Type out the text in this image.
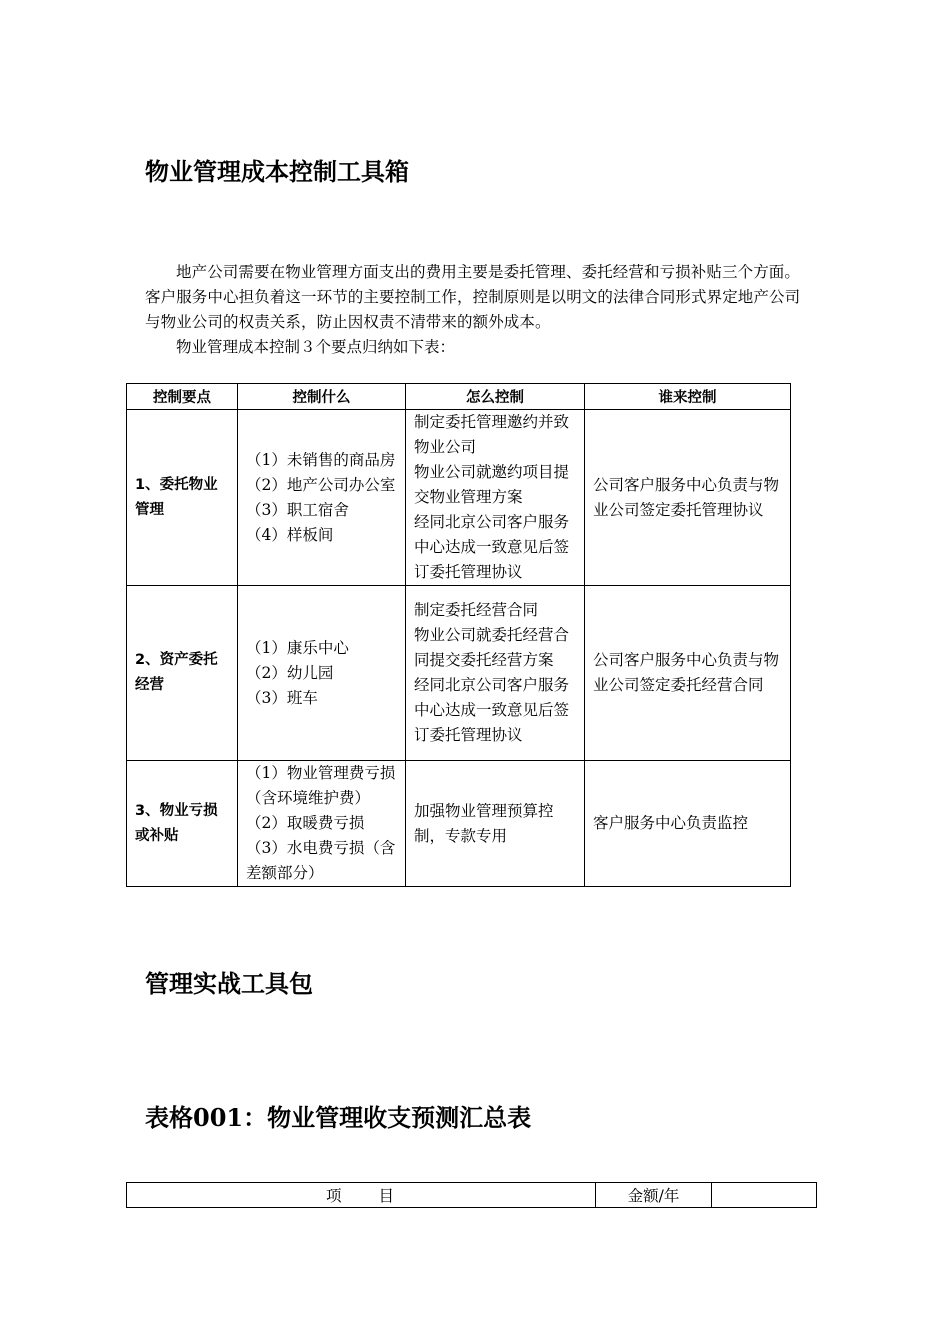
物业管理成本控制工具箱

地产公司需要在物业管理方面支出的费用主要是委托管理、委托经营和亏损补贴三个方面。客户服务中心担负着这一环节的主要控制工作，控制原则是以明文的法律合同形式界定地产公司与物业公司的权责关系，防止因权责不清带来的额外成本。

物业管理成本控制３个要点归纳如下表：

控制要点	控制什么	怎么控制	谁来控制
1、委托物业管理	（1）未销售的商品房
（2）地产公司办公室
（3）职工宿舍
（4）样板间	制定委托管理邀约并致物业公司
物业公司就邀约项目提交物业管理方案
经同北京公司客户服务中心达成一致意见后签订委托管理协议	公司客户服务中心负责与物业公司签定委托管理协议

2、资产委托经营	（1）康乐中心
（2）幼儿园
（3）班车	制定委托经营合同
物业公司就委托经营合同提交委托经营方案
经同北京公司客户服务中心达成一致意见后签订委托管理协议	公司客户服务中心负责与物业公司签定委托经营合同

3、物业亏损或补贴	（1）物业管理费亏损（含环境维护费）
（2）取暖费亏损
（3）水电费亏损（含差额部分）	加强物业管理预算控制，专款专用	客户服务中心负责监控
管理实战工具包
表格001：物业管理收支预测汇总表
项　　目	金额/年	
